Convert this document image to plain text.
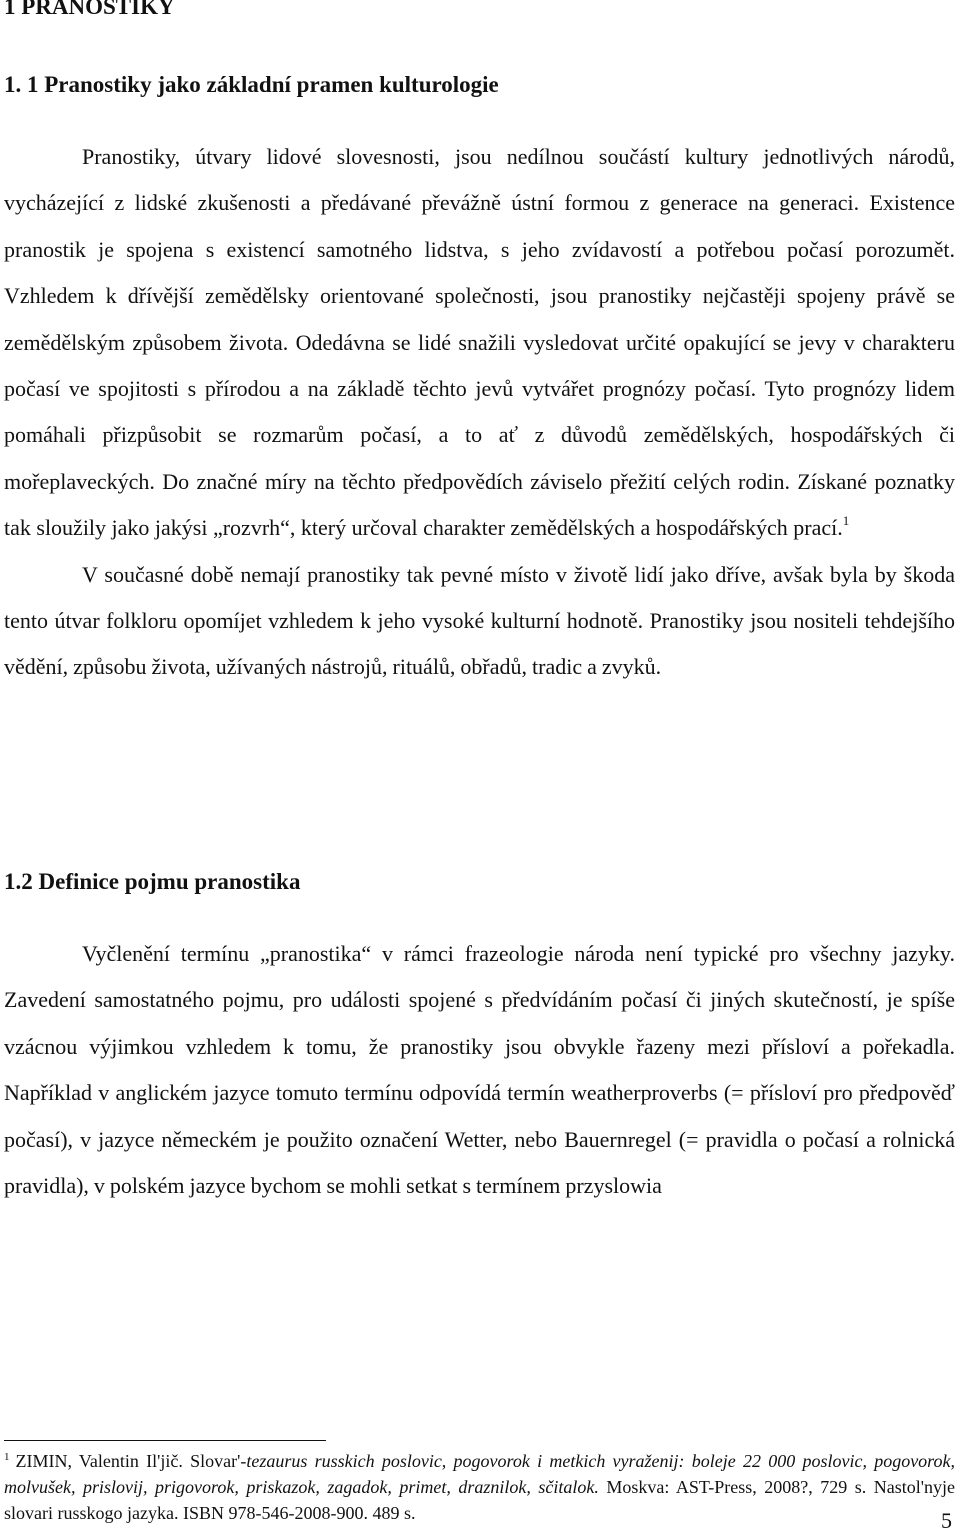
1 PRANOSTIKY
1. 1 Pranostiky jako základní pramen kulturologie

Pranostiky, útvary lidové slovesnosti, jsou nedílnou součástí kultury jednotlivých národů, vycházející z lidské zkušenosti a předávané převážně ústní formou z generace na generaci. Existence pranostik je spojena s existencí samotného lidstva, s jeho zvídavostí a potřebou počasí porozumět. Vzhledem k dřívější zemědělsky orientované společnosti, jsou pranostiky nejčastěji spojeny právě se zemědělským způsobem života. Odedávna se lidé snažili vysledovat určité opakující se jevy v charakteru počasí ve spojitosti s přírodou a na základě těchto jevů vytvářet prognózy počasí. Tyto prognózy lidem pomáhali přizpůsobit se rozmarům počasí, a to ať z důvodů zemědělských, hospodářských či mořeplaveckých. Do značné míry na těchto předpovědích záviselo přežití celých rodin. Získané poznatky tak sloužily jako jakýsi „rozvrh“, který určoval charakter zemědělských a hospodářských prací.$^1$

V současné době nemají pranostiky tak pevné místo v životě lidí jako dříve, avšak byla by škoda tento útvar folkloru opomíjet vzhledem k jeho vysoké kulturní hodnotě. Pranostiky jsou nositeli tehdejšího vědění, způsobu života, užívaných nástrojů, rituálů, obřadů, tradic a zvyků.

1.2 Definice pojmu pranostika

Vyčlenění termínu „pranostika“ v rámci frazeologie národa není typické pro všechny jazyky. Zavedení samostatného pojmu, pro události spojené s předvídáním počasí či jiných skutečností, je spíše vzácnou výjimkou vzhledem k tomu, že pranostiky jsou obvykle řazeny mezi přísloví a pořekadla. Například v anglickém jazyce tomuto termínu odpovídá termín weatherproverbs (= přísloví pro předpověď počasí), v jazyce německém je použito označení Wetter, nebo Bauernregel (= pravidla o počasí a rolnická pravidla), v polském jazyce bychom se mohli setkat s termínem przyslowia

$^1$ ZIMIN, Valentin Il'jič. Slovar'-tezaurus russkich poslovic, pogovorok i metkich vyraženij: boleje 22 000 poslovic, pogovorok, molvušek, prislovij, prigovorok, priskazok, zagadok, primet, draznilok, sčitalok. Moskva: AST-Press, 2008?, 729 s. Nastol'nyje slovari russkogo jazyka. ISBN 978-546-2008-900. 489 s.	5
